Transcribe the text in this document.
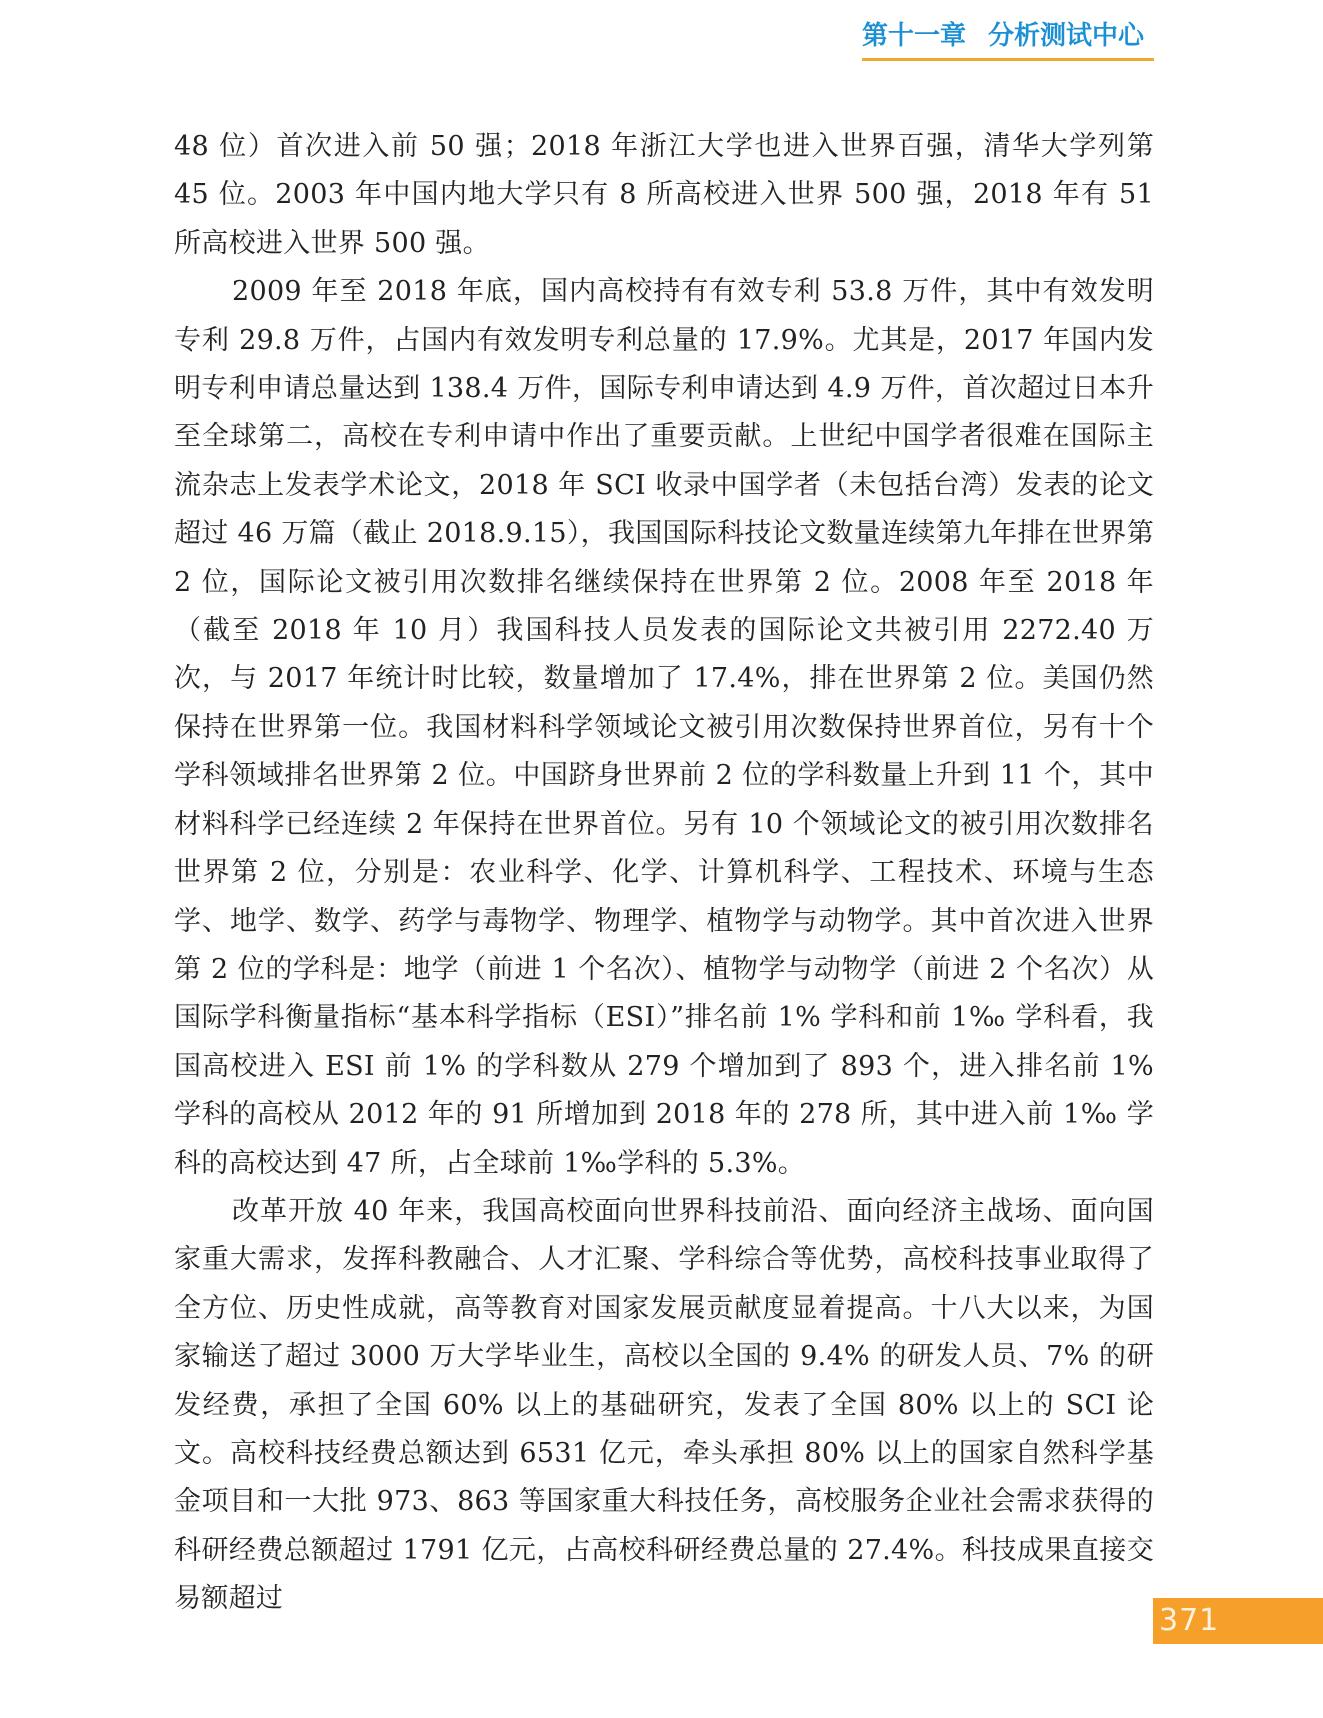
第十一章 分析测试中心

48 位）首次进入前 50 强；2018 年浙江大学也进入世界百强，清华大学列第 45 位。2003 年中国内地大学只有 8 所高校进入世界 500 强，2018 年有 51 所高校进入世界 500 强。

2009 年至 2018 年底，国内高校持有有效专利 53.8 万件，其中有效发明专利 29.8 万件，占国内有效发明专利总量的 17.9%。尤其是，2017 年国内发明专利申请总量达到 138.4 万件，国际专利申请达到 4.9 万件，首次超过日本升至全球第二，高校在专利申请中作出了重要贡献。上世纪中国学者很难在国际主流杂志上发表学术论文，2018 年 SCI 收录中国学者（未包括台湾）发表的论文超过 46 万篇（截止 2018.9.15），我国国际科技论文数量连续第九年排在世界第 2 位，国际论文被引用次数排名继续保持在世界第 2 位。2008 年至 2018 年（截至 2018 年 10 月）我国科技人员发表的国际论文共被引用 2272.40 万次，与 2017 年统计时比较，数量增加了 17.4%，排在世界第 2 位。美国仍然保持在世界第一位。我国材料科学领域论文被引用次数保持世界首位，另有十个学科领域排名世界第 2 位。中国跻身世界前 2 位的学科数量上升到 11 个，其中材料科学已经连续 2 年保持在世界首位。另有 10 个领域论文的被引用次数排名世界第 2 位，分别是：农业科学、化学、计算机科学、工程技术、环境与生态学、地学、数学、药学与毒物学、物理学、植物学与动物学。其中首次进入世界第 2 位的学科是：地学（前进 1 个名次）、植物学与动物学（前进 2 个名次）从国际学科衡量指标“基本科学指标（ESI）”排名前 1% 学科和前 1‰ 学科看，我国高校进入 ESI 前 1% 的学科数从 279 个增加到了 893 个，进入排名前 1% 学科的高校从 2012 年的 91 所增加到 2018 年的 278 所，其中进入前 1‰ 学科的高校达到 47 所，占全球前 1‰学科的 5.3%。

改革开放 40 年来，我国高校面向世界科技前沿、面向经济主战场、面向国家重大需求，发挥科教融合、人才汇聚、学科综合等优势，高校科技事业取得了全方位、历史性成就，高等教育对国家发展贡献度显着提高。十八大以来，为国家输送了超过 3000 万大学毕业生，高校以全国的 9.4% 的研发人员、7% 的研发经费，承担了全国 60% 以上的基础研究，发表了全国 80% 以上的 SCI 论文。高校科技经费总额达到 6531 亿元，牵头承担 80% 以上的国家自然科学基金项目和一大批 973、863 等国家重大科技任务，高校服务企业社会需求获得的科研经费总额超过 1791 亿元，占高校科研经费总量的 27.4%。科技成果直接交易额超过

371
